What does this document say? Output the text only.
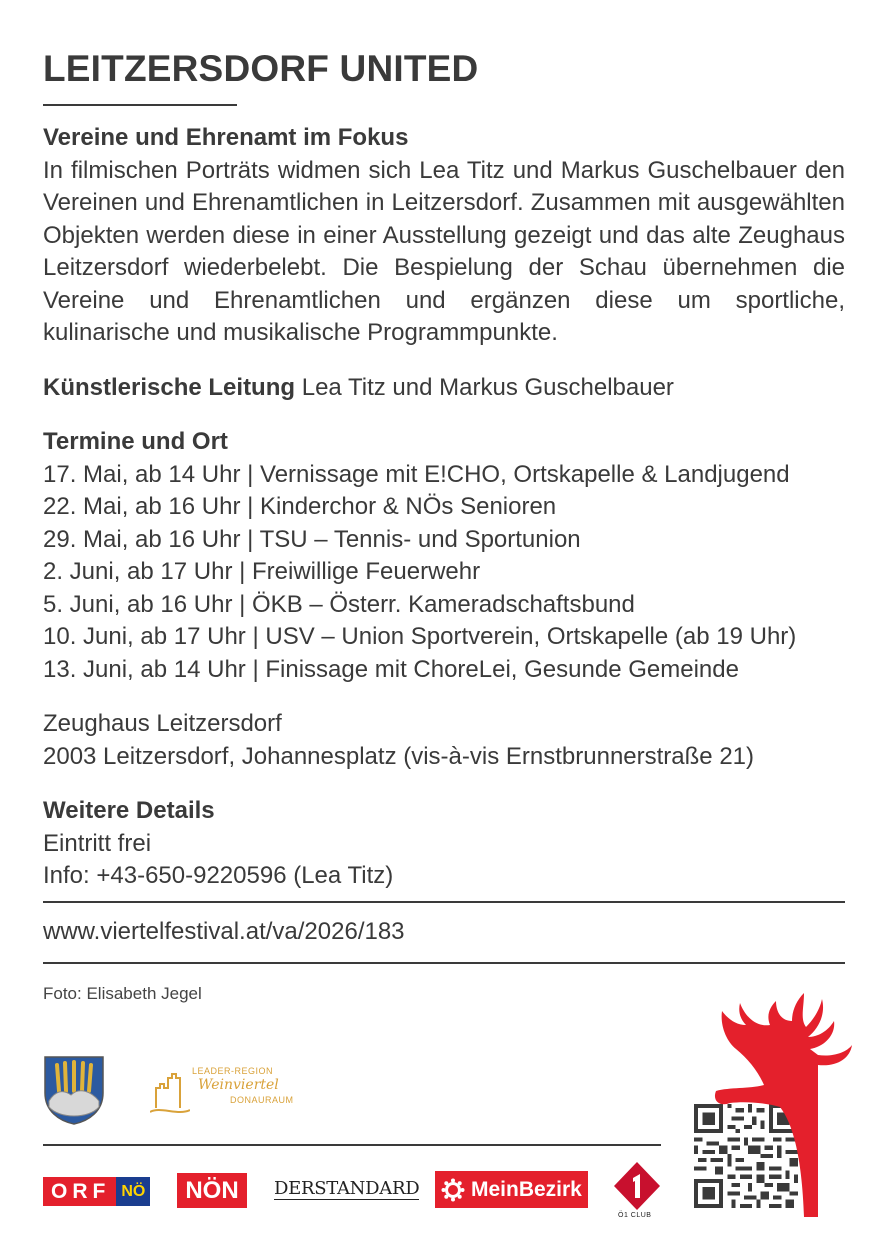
LEITZERSDORF UNITED

Vereine und Ehrenamt im Fokus

In filmischen Porträts widmen sich Lea Titz und Markus Guschelbauer den Vereinen und Ehrenamtlichen in Leitzersdorf. Zusammen mit ausgewählten Objekten werden diese in einer Ausstellung gezeigt und das alte Zeughaus Leitzersdorf wiederbelebt. Die Bespielung der Schau übernehmen die Vereine und Ehrenamtlichen und ergänzen diese um sportliche, kulinarische und musikalische Programmpunkte.

Künstlerische Leitung Lea Titz und Markus Guschelbauer

Termine und Ort

17. Mai, ab 14 Uhr | Vernissage mit E!CHO, Ortskapelle & Landjugend

22. Mai, ab 16 Uhr | Kinderchor & NÖs Senioren

29. Mai, ab 16 Uhr | TSU – Tennis- und Sportunion

2. Juni, ab 17 Uhr | Freiwillige Feuerwehr

5. Juni, ab 16 Uhr | ÖKB – Österr. Kameradschaftsbund

10. Juni, ab 17 Uhr | USV – Union Sportverein, Ortskapelle (ab 19 Uhr)

13. Juni, ab 14 Uhr | Finissage mit ChoreLei, Gesunde Gemeinde

Zeughaus Leitzersdorf

2003 Leitzersdorf, Johannesplatz (vis-à-vis Ernstbrunnerstraße 21)

Weitere Details

Eintritt frei

Info: +43-650-9220596 (Lea Titz)

www.viertelfestival.at/va/2026/183

Foto: Elisabeth Jegel

LEADER-REGION

Weinviertel

DONAURAUM

ORF NÖ	NÖN	DERSTANDARD MeinBezirk

Ö1 CLUB
